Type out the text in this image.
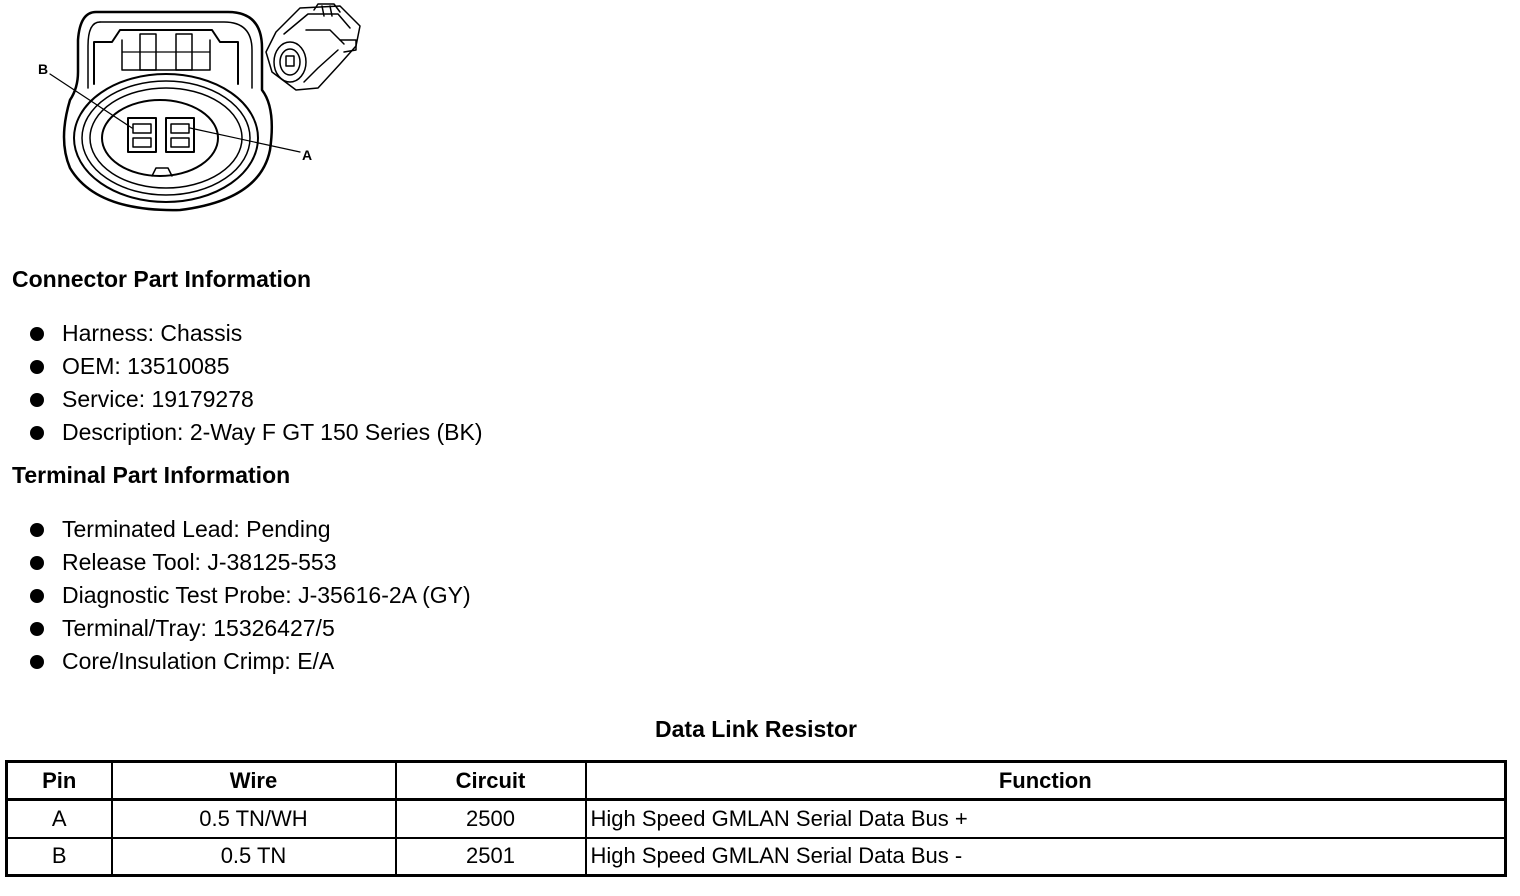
B
A
Connector Part Information
Harness: Chassis
OEM: 13510085
Service: 19179278
Description: 2-Way F GT 150 Series (BK)
Terminal Part Information
Terminated Lead: Pending
Release Tool: J-38125-553
Diagnostic Test Probe: J-35616-2A (GY)
Terminal/Tray: 15326427/5
Core/Insulation Crimp: E/A
Data Link Resistor
Pin	Wire	Circuit	Function
A	0.5 TN/WH	2500	High Speed GMLAN Serial Data Bus +
B	0.5 TN	2501	High Speed GMLAN Serial Data Bus -
